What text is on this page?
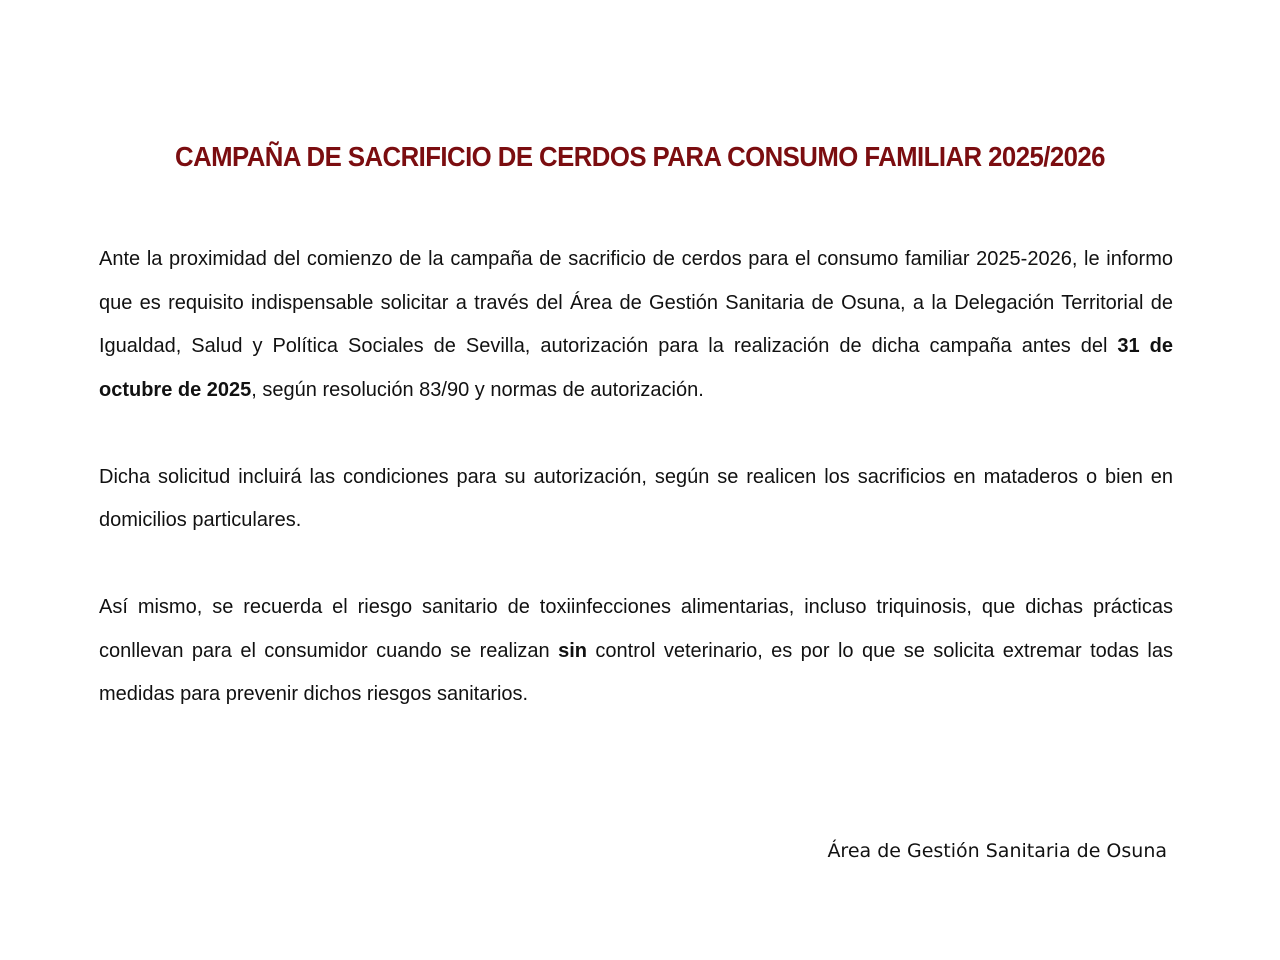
CAMPAÑA DE SACRIFICIO DE CERDOS PARA CONSUMO FAMILIAR 2025/2026

Ante la proximidad del comienzo de la campaña de sacrificio de cerdos para el consumo familiar 2025-2026, le informo que es requisito indispensable solicitar a través del Área de Gestión Sanitaria de Osuna, a la Delegación Territorial de Igualdad, Salud y Política Sociales de Sevilla, autorización para la realización de dicha campaña antes del 31 de octubre de 2025, según resolución 83/90 y normas de autorización.

Dicha solicitud incluirá las condiciones para su autorización, según se realicen los sacrificios en mataderos o bien en domicilios particulares.

Así mismo, se recuerda el riesgo sanitario de toxiinfecciones alimentarias, incluso triquinosis, que dichas prácticas conllevan para el consumidor cuando se realizan sin control veterinario, es por lo que se solicita extremar todas las medidas para prevenir dichos riesgos sanitarios.

Área de Gestión Sanitaria de Osuna
